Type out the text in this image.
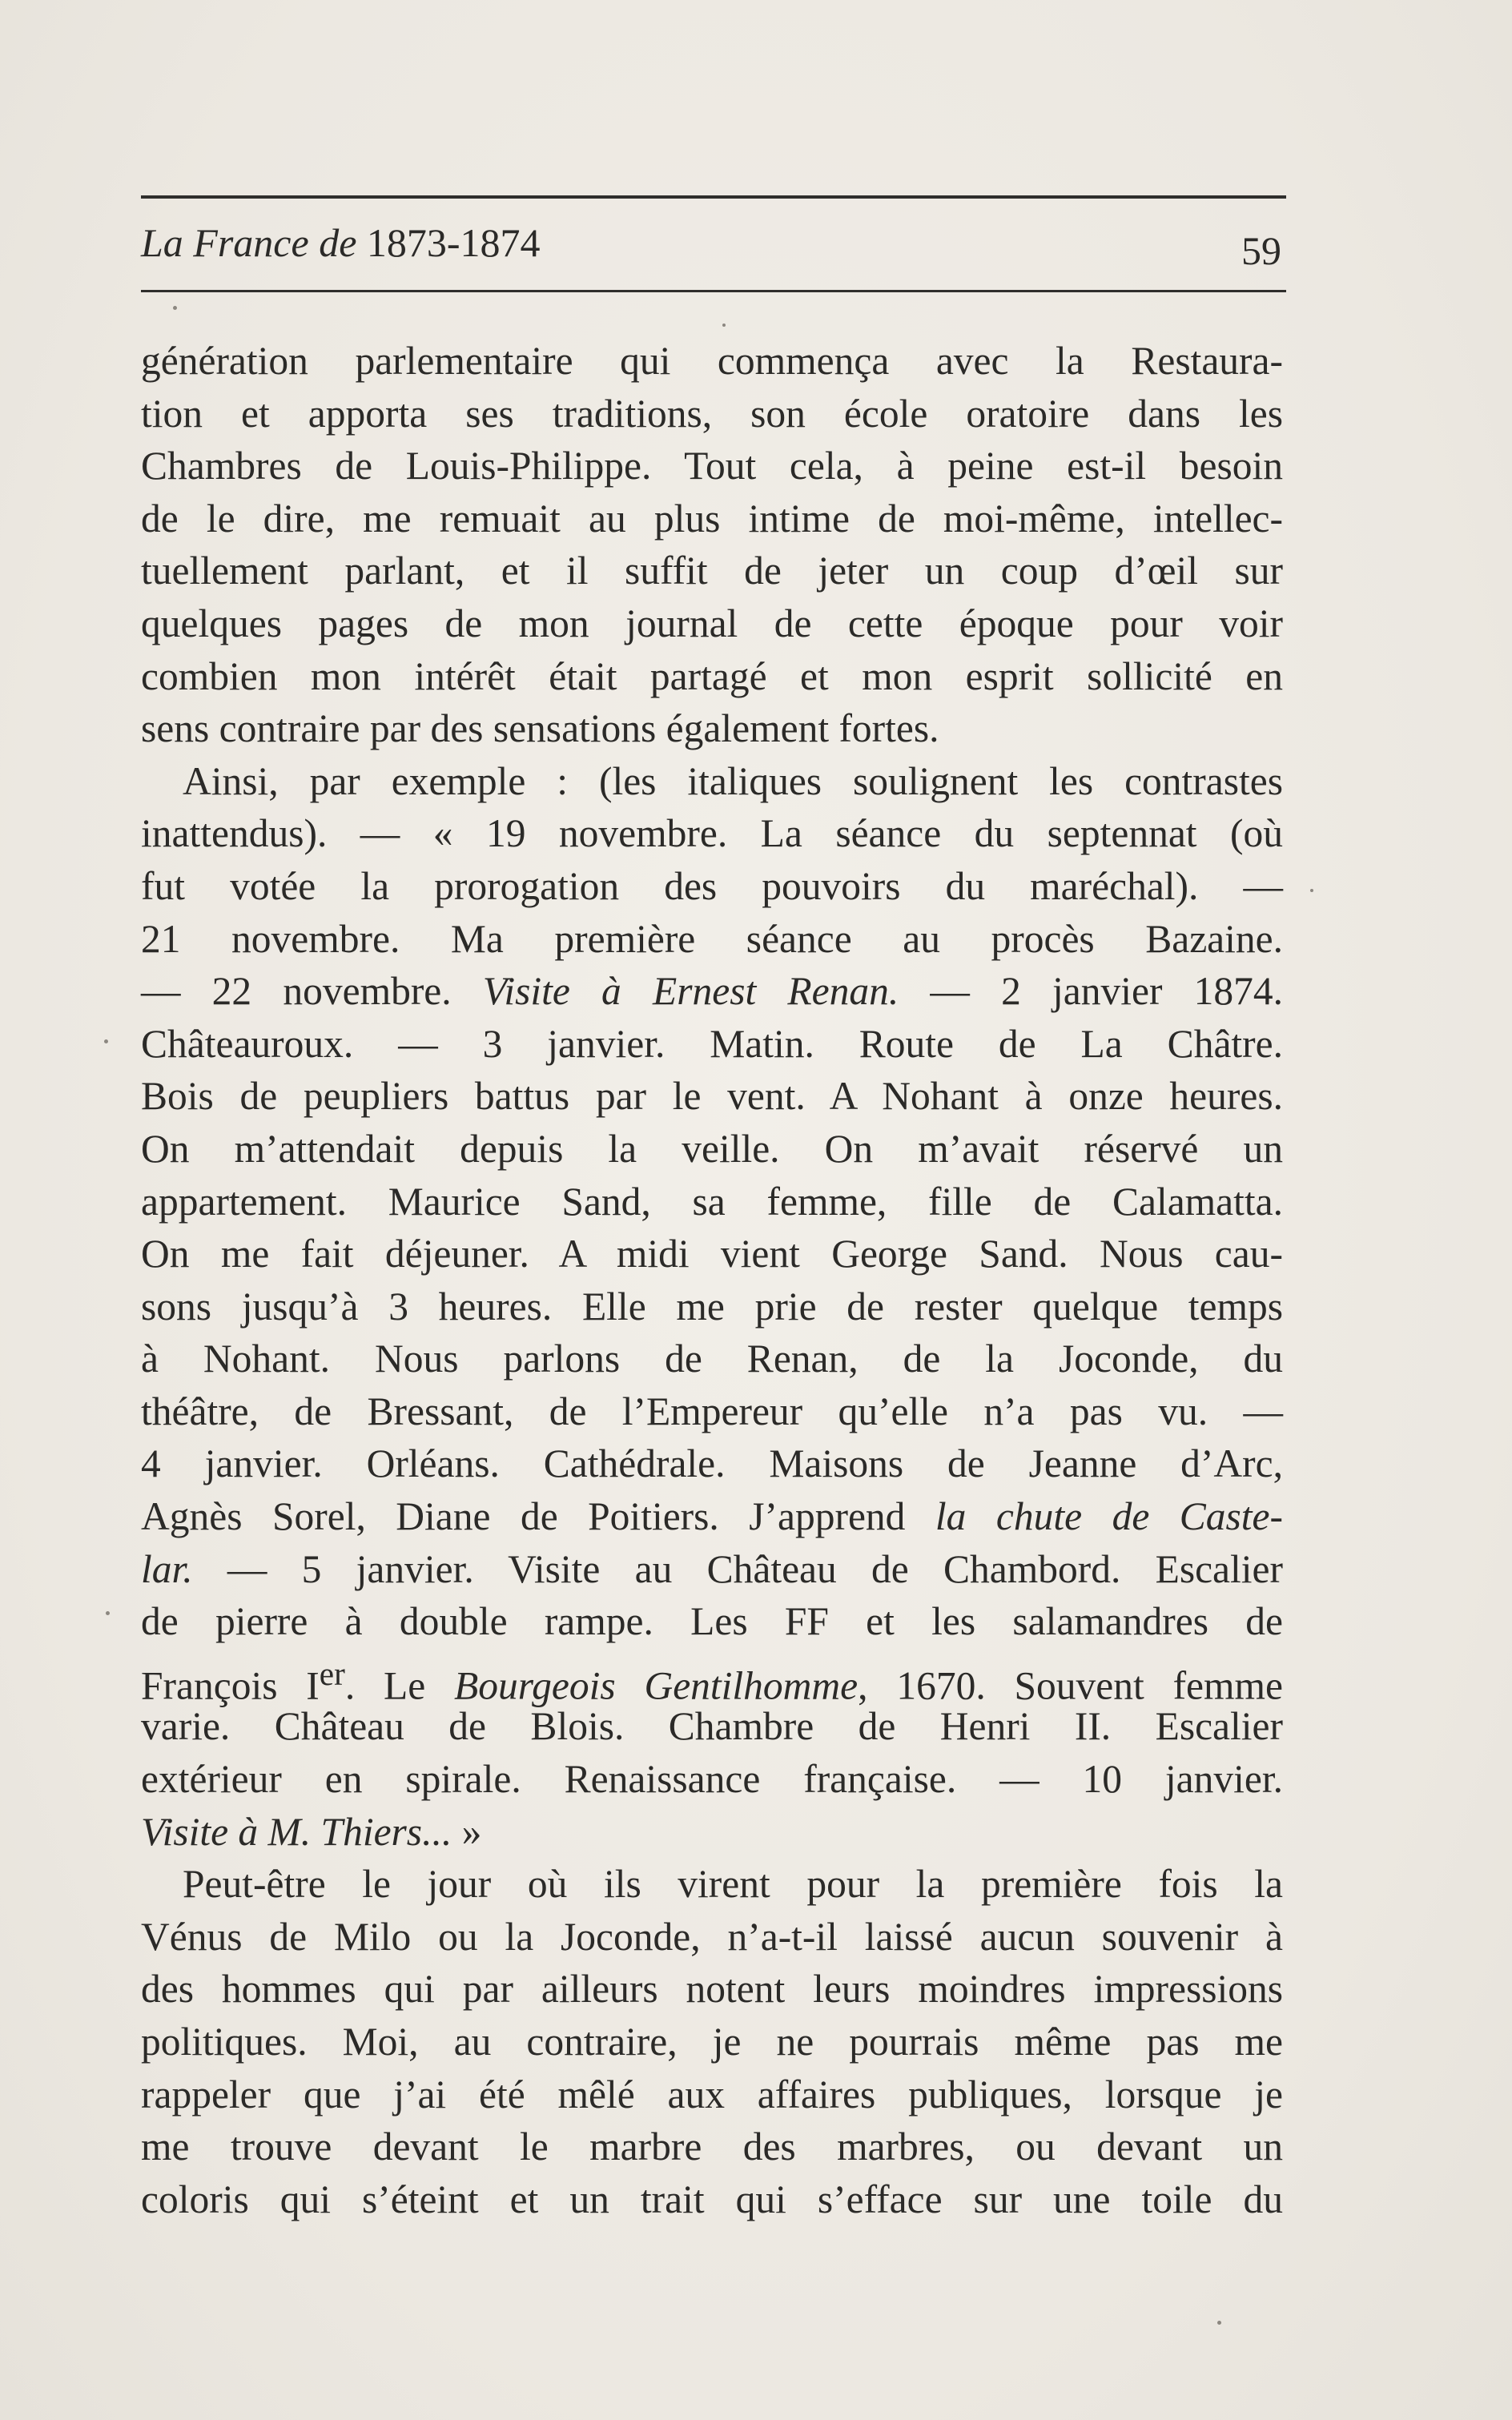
La France de 1873-1874	59
génération parlementaire qui commença avec la Restaura-
tion et apporta ses traditions, son école oratoire dans les
Chambres de Louis-Philippe. Tout cela, à peine est-il besoin
de le dire, me remuait au plus intime de moi-même, intellec-
tuellement parlant, et il suffit de jeter un coup d’œil sur
quelques pages de mon journal de cette époque pour voir
combien mon intérêt était partagé et mon esprit sollicité en
sens contraire par des sensations également fortes.
Ainsi, par exemple : (les italiques soulignent les contrastes
inattendus). — « 19 novembre. La séance du septennat (où
fut votée la prorogation des pouvoirs du maréchal). —
21 novembre. Ma première séance au procès Bazaine.
— 22 novembre. Visite à Ernest Renan. — 2 janvier 1874.
Châteauroux. — 3 janvier. Matin. Route de La Châtre.
Bois de peupliers battus par le vent. A Nohant à onze heures.
On m’attendait depuis la veille. On m’avait réservé un
appartement. Maurice Sand, sa femme, fille de Calamatta.
On me fait déjeuner. A midi vient George Sand. Nous cau-
sons jusqu’à 3 heures. Elle me prie de rester quelque temps
à Nohant. Nous parlons de Renan, de la Joconde, du
théâtre, de Bressant, de l’Empereur qu’elle n’a pas vu. —
4 janvier. Orléans. Cathédrale. Maisons de Jeanne d’Arc,
Agnès Sorel, Diane de Poitiers. J’apprend la chute de Caste-
lar. — 5 janvier. Visite au Château de Chambord. Escalier
de pierre à double rampe. Les FF et les salamandres de
François Ier. Le Bourgeois Gentilhomme, 1670. Souvent femme
varie. Château de Blois. Chambre de Henri II. Escalier
extérieur en spirale. Renaissance française. — 10 janvier.
Visite à M. Thiers... »
Peut-être le jour où ils virent pour la première fois la
Vénus de Milo ou la Joconde, n’a-t-il laissé aucun souvenir à
des hommes qui par ailleurs notent leurs moindres impressions
politiques. Moi, au contraire, je ne pourrais même pas me
rappeler que j’ai été mêlé aux affaires publiques, lorsque je
me trouve devant le marbre des marbres, ou devant un
coloris qui s’éteint et un trait qui s’efface sur une toile du
